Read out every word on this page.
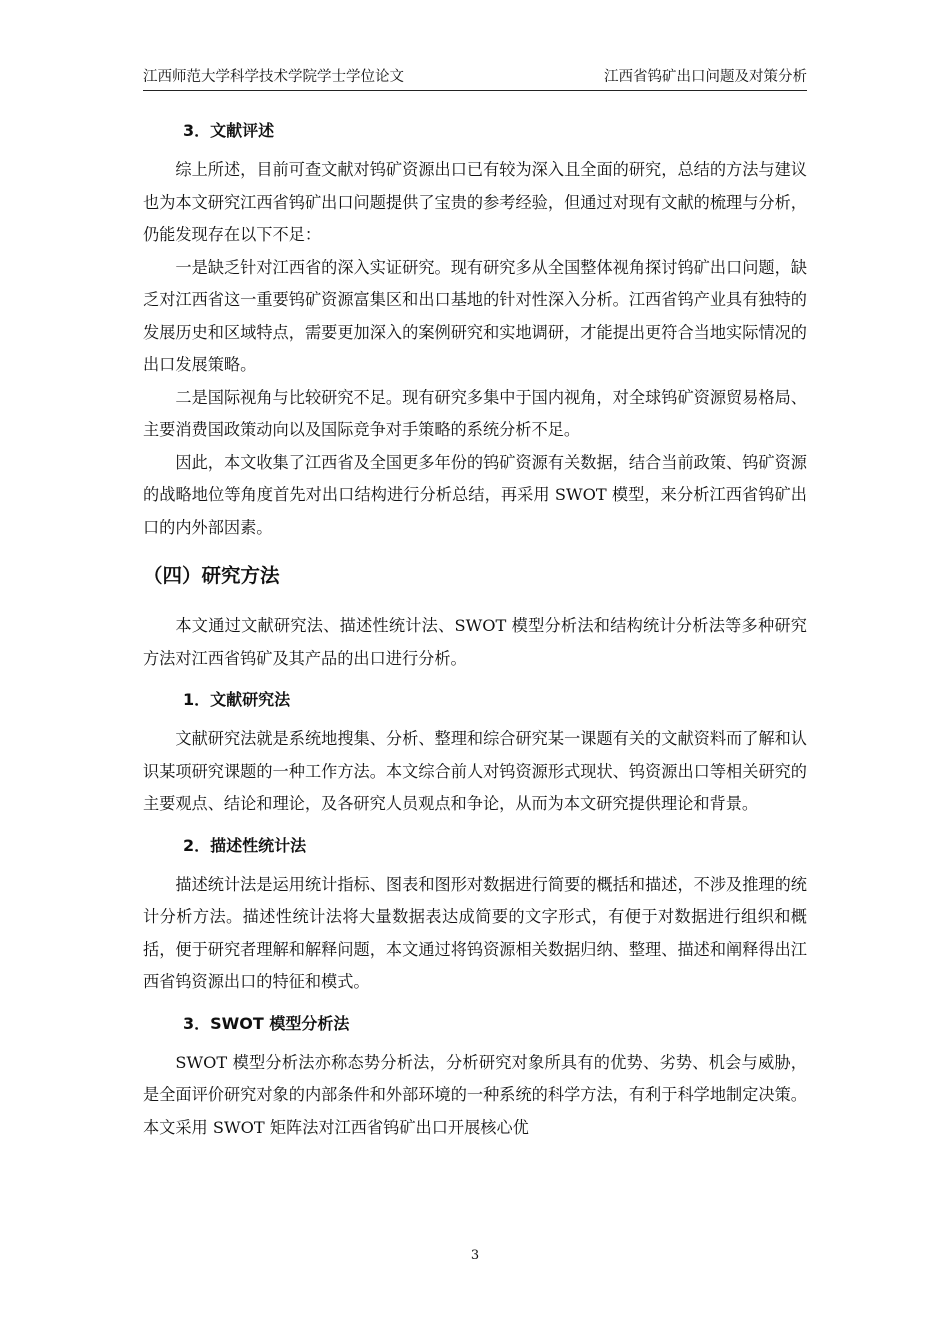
江西师范大学科学技术学院学士学位论文	江西省钨矿出口问题及对策分析

3．文献评述

综上所述，目前可查文献对钨矿资源出口已有较为深入且全面的研究，总结的方法与建议也为本文研究江西省钨矿出口问题提供了宝贵的参考经验，但通过对现有文献的梳理与分析，仍能发现存在以下不足：

一是缺乏针对江西省的深入实证研究。现有研究多从全国整体视角探讨钨矿出口问题，缺乏对江西省这一重要钨矿资源富集区和出口基地的针对性深入分析。江西省钨产业具有独特的发展历史和区域特点，需要更加深入的案例研究和实地调研，才能提出更符合当地实际情况的出口发展策略。

二是国际视角与比较研究不足。现有研究多集中于国内视角，对全球钨矿资源贸易格局、主要消费国政策动向以及国际竞争对手策略的系统分析不足。

因此，本文收集了江西省及全国更多年份的钨矿资源有关数据，结合当前政策、钨矿资源的战略地位等角度首先对出口结构进行分析总结，再采用 SWOT 模型，来分析江西省钨矿出口的内外部因素。

（四）研究方法

本文通过文献研究法、描述性统计法、SWOT 模型分析法和结构统计分析法等多种研究方法对江西省钨矿及其产品的出口进行分析。

1．文献研究法

文献研究法就是系统地搜集、分析、整理和综合研究某一课题有关的文献资料而了解和认识某项研究课题的一种工作方法。本文综合前人对钨资源形式现状、钨资源出口等相关研究的主要观点、结论和理论，及各研究人员观点和争论，从而为本文研究提供理论和背景。

2．描述性统计法

描述统计法是运用统计指标、图表和图形对数据进行简要的概括和描述，不涉及推理的统计分析方法。描述性统计法将大量数据表达成简要的文字形式，有便于对数据进行组织和概括，便于研究者理解和解释问题，本文通过将钨资源相关数据归纳、整理、描述和阐释得出江西省钨资源出口的特征和模式。

3．SWOT 模型分析法

SWOT 模型分析法亦称态势分析法，分析研究对象所具有的优势、劣势、机会与威胁，是全面评价研究对象的内部条件和外部环境的一种系统的科学方法，有利于科学地制定决策。本文采用 SWOT 矩阵法对江西省钨矿出口开展核心优

3
